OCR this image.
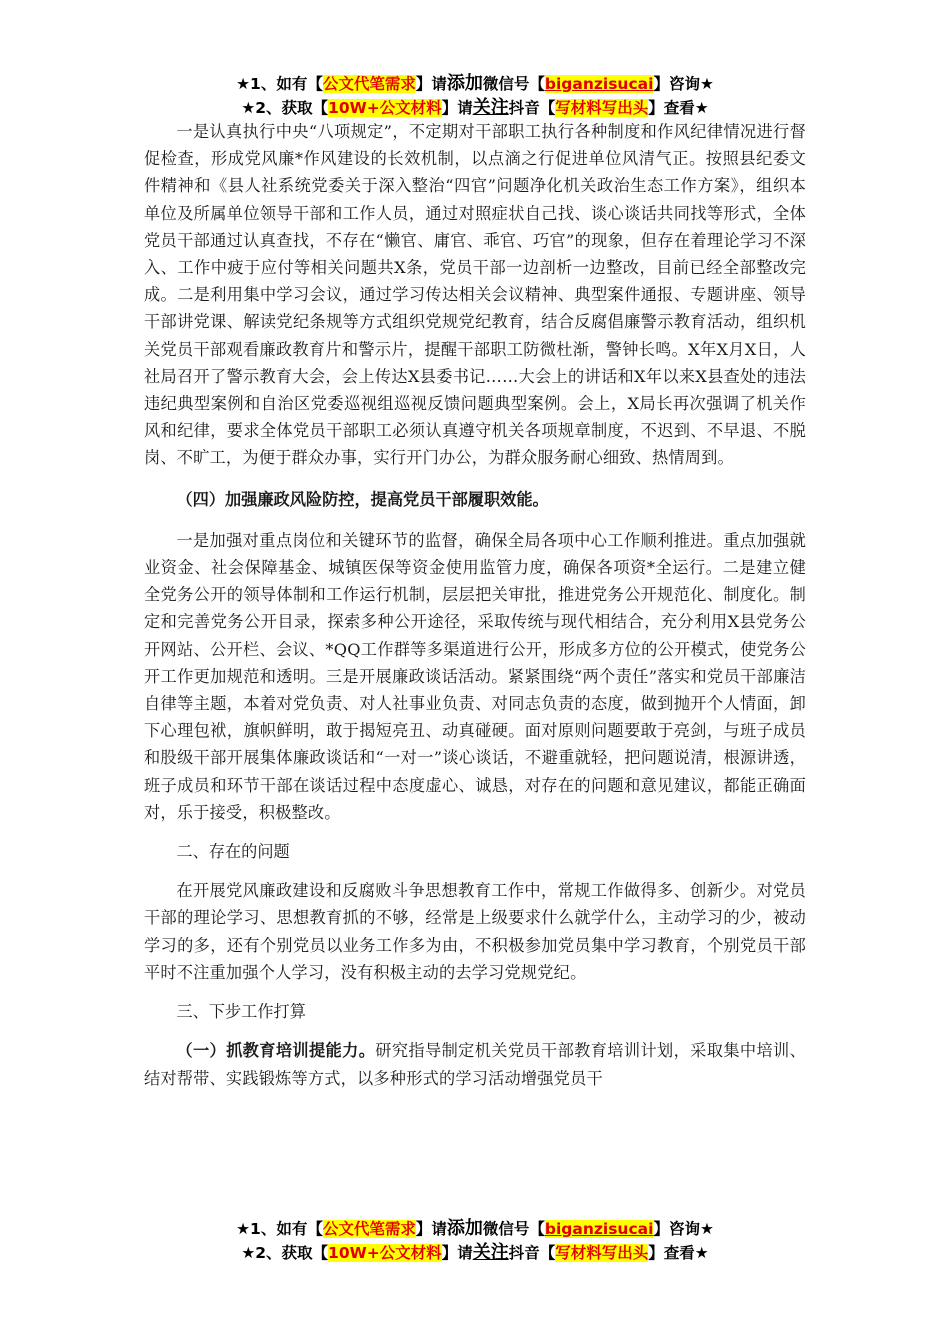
★1、如有【公文代笔需求】请添加微信号【biganzisucai】咨询★
★2、获取【10W+公文材料】请关注抖音【写材料写出头】查看★

一是认真执行中央“八项规定”，不定期对干部职工执行各种制度和作风纪律情况进行督促检查，形成党风廉*作风建设的长效机制，以点滴之行促进单位风清气正。按照县纪委文件精神和《县人社系统党委关于深入整治“四官”问题净化机关政治生态工作方案》，组织本单位及所属单位领导干部和工作人员，通过对照症状自己找、谈心谈话共同找等形式，全体党员干部通过认真查找，不存在“懒官、庸官、乖官、巧官”的现象，但存在着理论学习不深入、工作中疲于应付等相关问题共X条，党员干部一边剖析一边整改，目前已经全部整改完成。二是利用集中学习会议，通过学习传达相关会议精神、典型案件通报、专题讲座、领导干部讲党课、解读党纪条规等方式组织党规党纪教育，结合反腐倡廉警示教育活动，组织机关党员干部观看廉政教育片和警示片，提醒干部职工防微杜渐，警钟长鸣。X年X月X日，人社局召开了警示教育大会，会上传达X县委书记……大会上的讲话和X年以来X县查处的违法违纪典型案例和自治区党委巡视组巡视反馈问题典型案例。会上，X局长再次强调了机关作风和纪律，要求全体党员干部职工必须认真遵守机关各项规章制度，不迟到、不早退、不脱岗、不旷工，为便于群众办事，实行开门办公，为群众服务耐心细致、热情周到。

（四）加强廉政风险防控，提高党员干部履职效能。

一是加强对重点岗位和关键环节的监督，确保全局各项中心工作顺利推进。重点加强就业资金、社会保障基金、城镇医保等资金使用监管力度，确保各项资*全运行。二是建立健全党务公开的领导体制和工作运行机制，层层把关审批，推进党务公开规范化、制度化。制定和完善党务公开目录，探索多种公开途径，采取传统与现代相结合，充分利用X县党务公开网站、公开栏、会议、*QQ工作群等多渠道进行公开，形成多方位的公开模式，使党务公开工作更加规范和透明。三是开展廉政谈话活动。紧紧围绕“两个责任”落实和党员干部廉洁自律等主题，本着对党负责、对人社事业负责、对同志负责的态度，做到抛开个人情面，卸下心理包袱，旗帜鲜明，敢于揭短亮丑、动真碰硬。面对原则问题要敢于亮剑，与班子成员和股级干部开展集体廉政谈话和“一对一”谈心谈话，不避重就轻，把问题说清，根源讲透，班子成员和环节干部在谈话过程中态度虚心、诚恳，对存在的问题和意见建议，都能正确面对，乐于接受，积极整改。

二、存在的问题

在开展党风廉政建设和反腐败斗争思想教育工作中，常规工作做得多、创新少。对党员干部的理论学习、思想教育抓的不够，经常是上级要求什么就学什么，主动学习的少，被动学习的多，还有个别党员以业务工作多为由，不积极参加党员集中学习教育，个别党员干部平时不注重加强个人学习，没有积极主动的去学习党规党纪。

三、下步工作打算

（一）抓教育培训提能力。研究指导制定机关党员干部教育培训计划，采取集中培训、结对帮带、实践锻炼等方式，以多种形式的学习活动增强党员干

★1、如有【公文代笔需求】请添加微信号【biganzisucai】咨询★
★2、获取【10W+公文材料】请关注抖音【写材料写出头】查看★
